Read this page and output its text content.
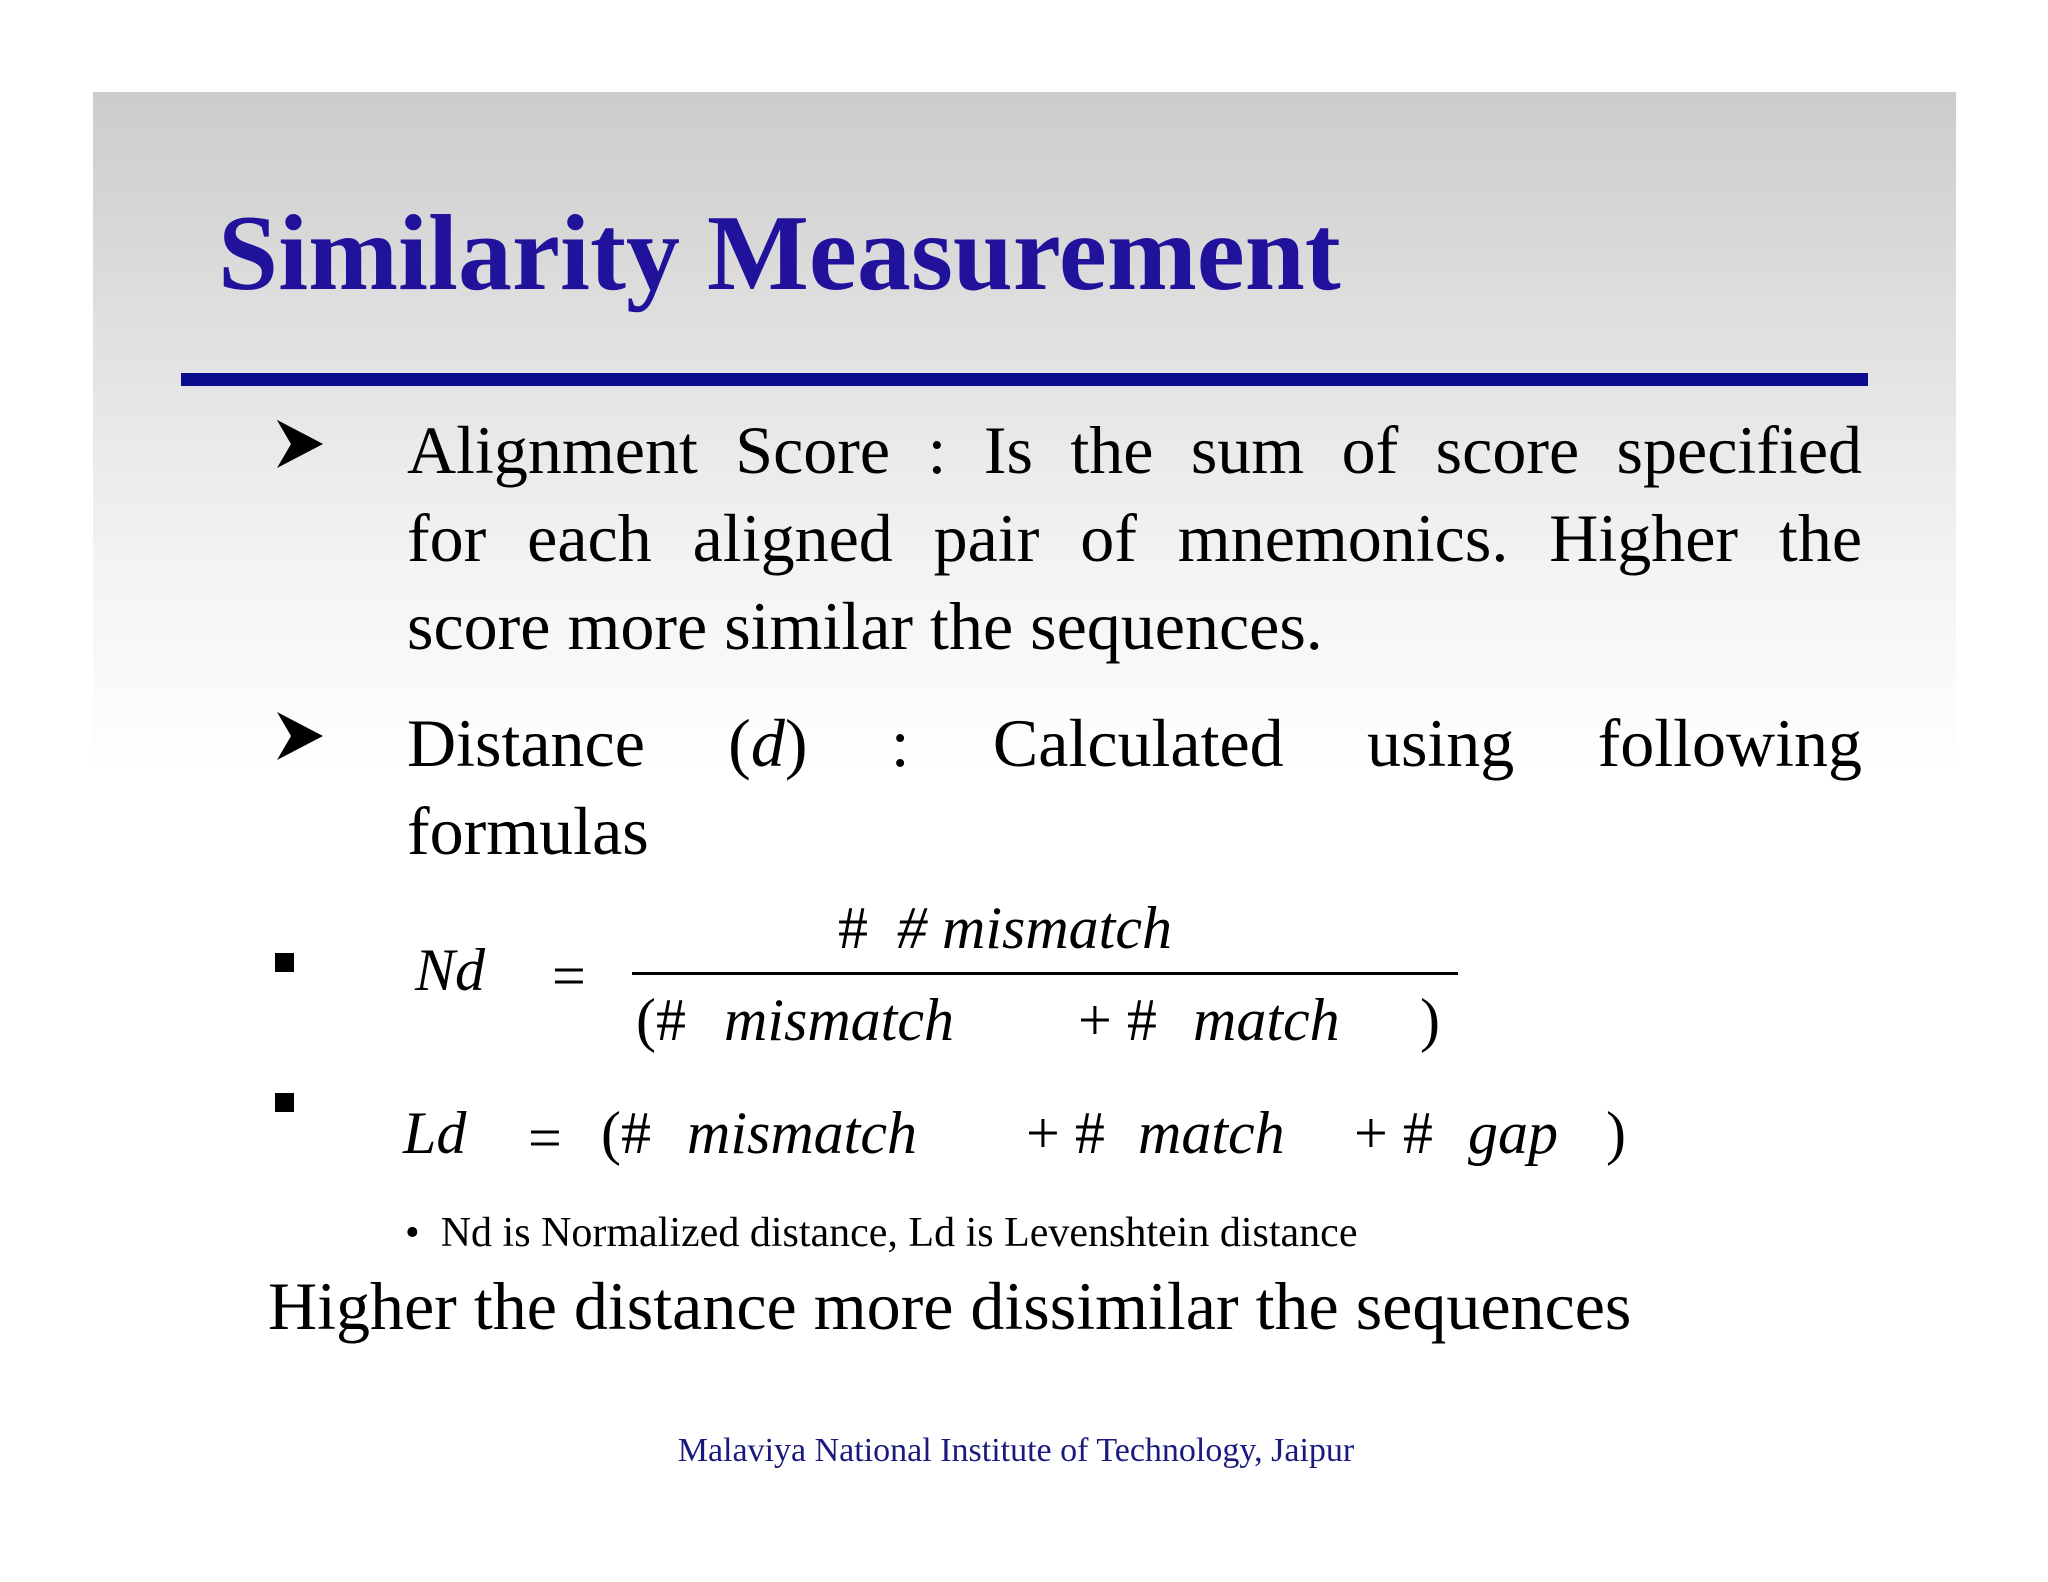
Similarity Measurement
Alignment Score : Is the sum of score specified
for each aligned pair of mnemonics. Higher the
score more similar the sequences.
Distance (d) : Calculated using following
formulas
Nd =
# # mismatch
(# mismatch + # match )
Ld = (# mismatch + # match + # gap )
• Nd is Normalized distance, Ld is Levenshtein distance
Higher the distance more dissimilar the sequences
Malaviya National Institute of Technology, Jaipur
